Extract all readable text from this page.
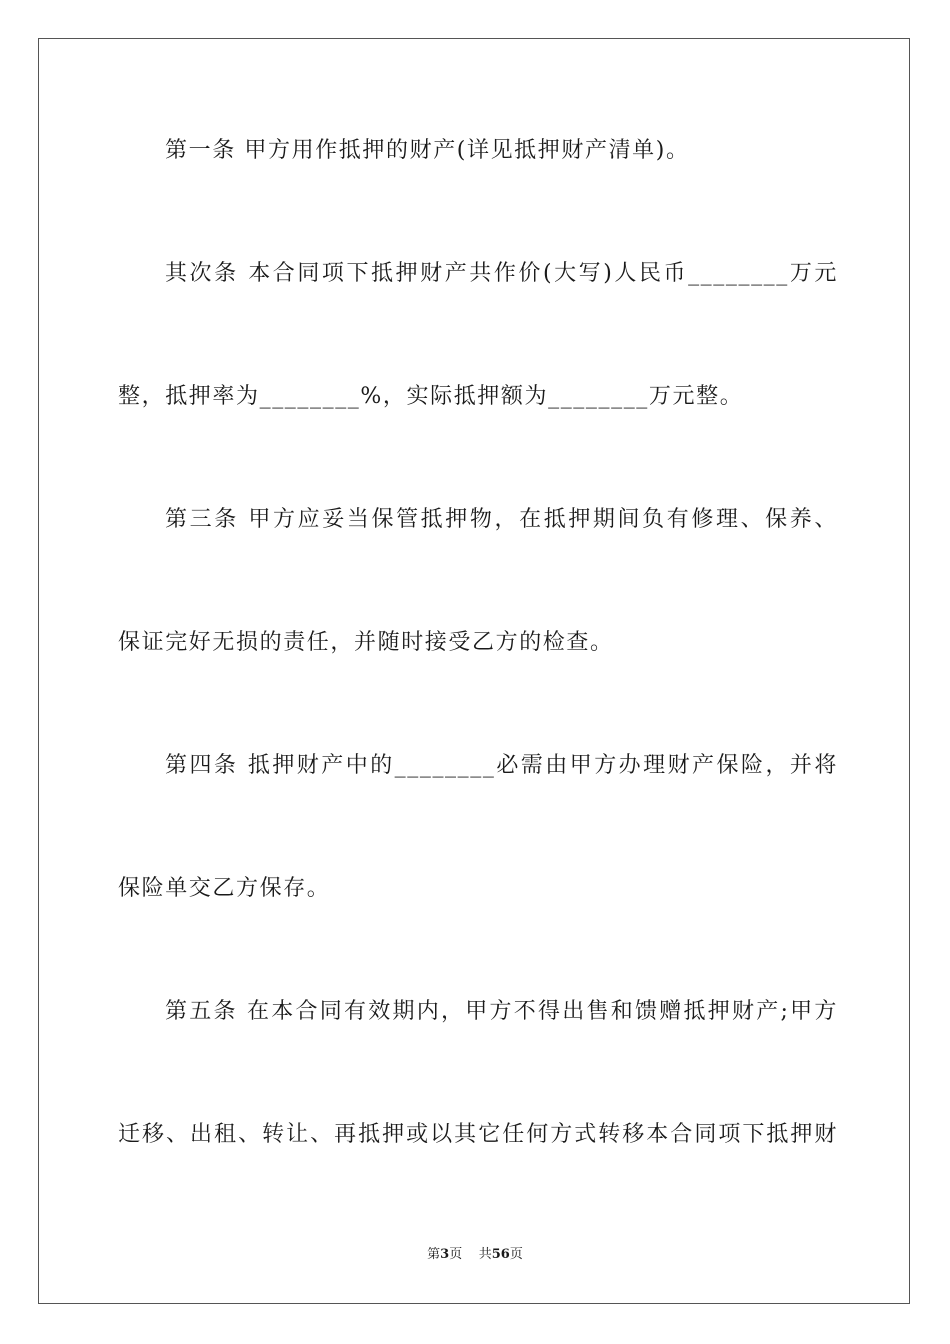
第一条 甲方用作抵押的财产(详见抵押财产清单)。
其次条 本合同项下抵押财产共作价(大写)人民币________万元
整，抵押率为________%，实际抵押额为________万元整。
第三条 甲方应妥当保管抵押物，在抵押期间负有修理、保养、
保证完好无损的责任，并随时接受乙方的检查。
第四条 抵押财产中的________必需由甲方办理财产保险，并将
保险单交乙方保存。
第五条 在本合同有效期内，甲方不得出售和馈赠抵押财产;甲方
迁移、出租、转让、再抵押或以其它任何方式转移本合同项下抵押财
第3页 共56页
